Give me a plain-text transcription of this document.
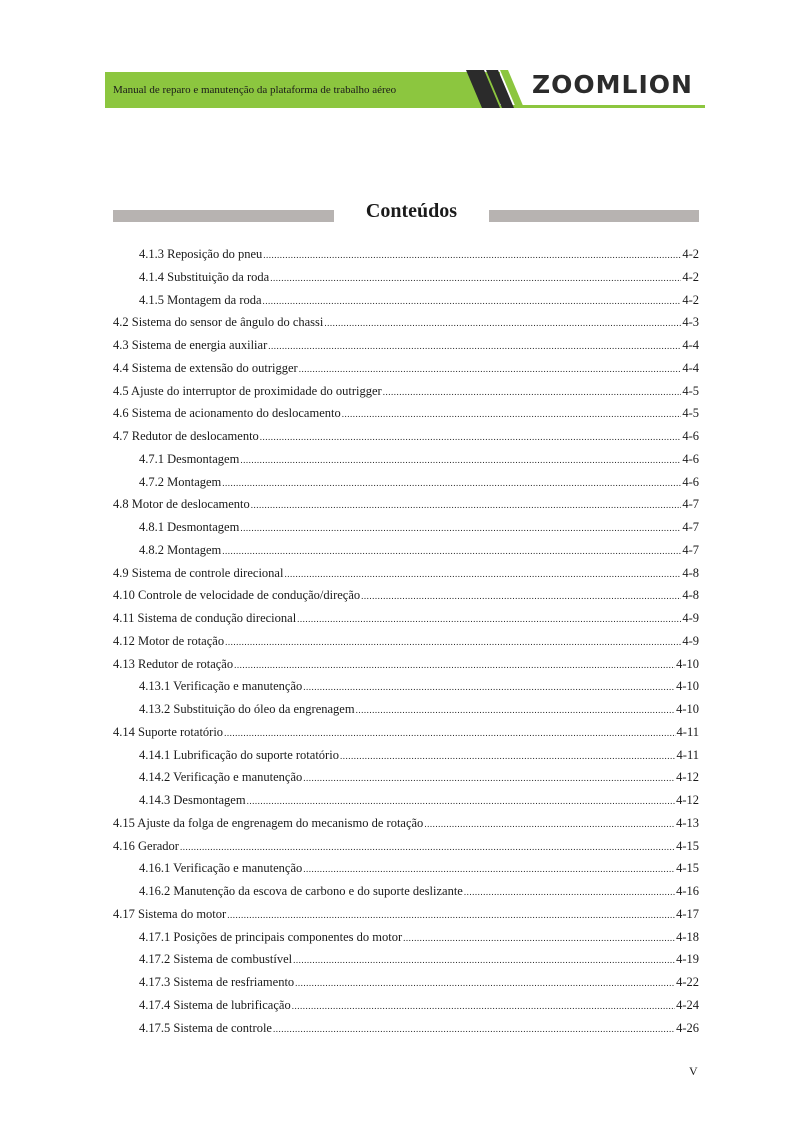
Manual de reparo e manutenção da plataforma de trabalho aéreo	ZOOMLION
Conteúdos
4.1.3 Reposição do pneu .....	4-2
4.1.4 Substituição da roda .....	4-2
4.1.5 Montagem da roda .....	4-2
4.2 Sistema do sensor de ângulo do chassi .....	4-3
4.3 Sistema de energia auxiliar .....	4-4
4.4 Sistema de extensão do outrigger .....	4-4
4.5 Ajuste do interruptor de proximidade do outrigger .....	4-5
4.6 Sistema de acionamento do deslocamento .....	4-5
4.7 Redutor de deslocamento .....	4-6
4.7.1 Desmontagem .....	4-6
4.7.2 Montagem .....	4-6
4.8 Motor de deslocamento .....	4-7
4.8.1 Desmontagem .....	4-7
4.8.2 Montagem .....	4-7
4.9 Sistema de controle direcional .....	4-8
4.10 Controle de velocidade de condução/direção .....	4-8
4.11 Sistema de condução direcional .....	4-9
4.12 Motor de rotação .....	4-9
4.13 Redutor de rotação .....	4-10
4.13.1 Verificação e manutenção .....	4-10
4.13.2 Substituição do óleo da engrenagem .....	4-10
4.14 Suporte rotatório .....	4-11
4.14.1 Lubrificação do suporte rotatório .....	4-11
4.14.2 Verificação e manutenção .....	4-12
4.14.3 Desmontagem .....	4-12
4.15 Ajuste da folga de engrenagem do mecanismo de rotação .....	4-13
4.16 Gerador .....	4-15
4.16.1 Verificação e manutenção .....	4-15
4.16.2 Manutenção da escova de carbono e do suporte deslizante .....	4-16
4.17 Sistema do motor .....	4-17
4.17.1 Posições de principais componentes do motor .....	4-18
4.17.2 Sistema de combustível .....	4-19
4.17.3 Sistema de resfriamento .....	4-22
4.17.4 Sistema de lubrificação .....	4-24
4.17.5 Sistema de controle .....	4-26
V
